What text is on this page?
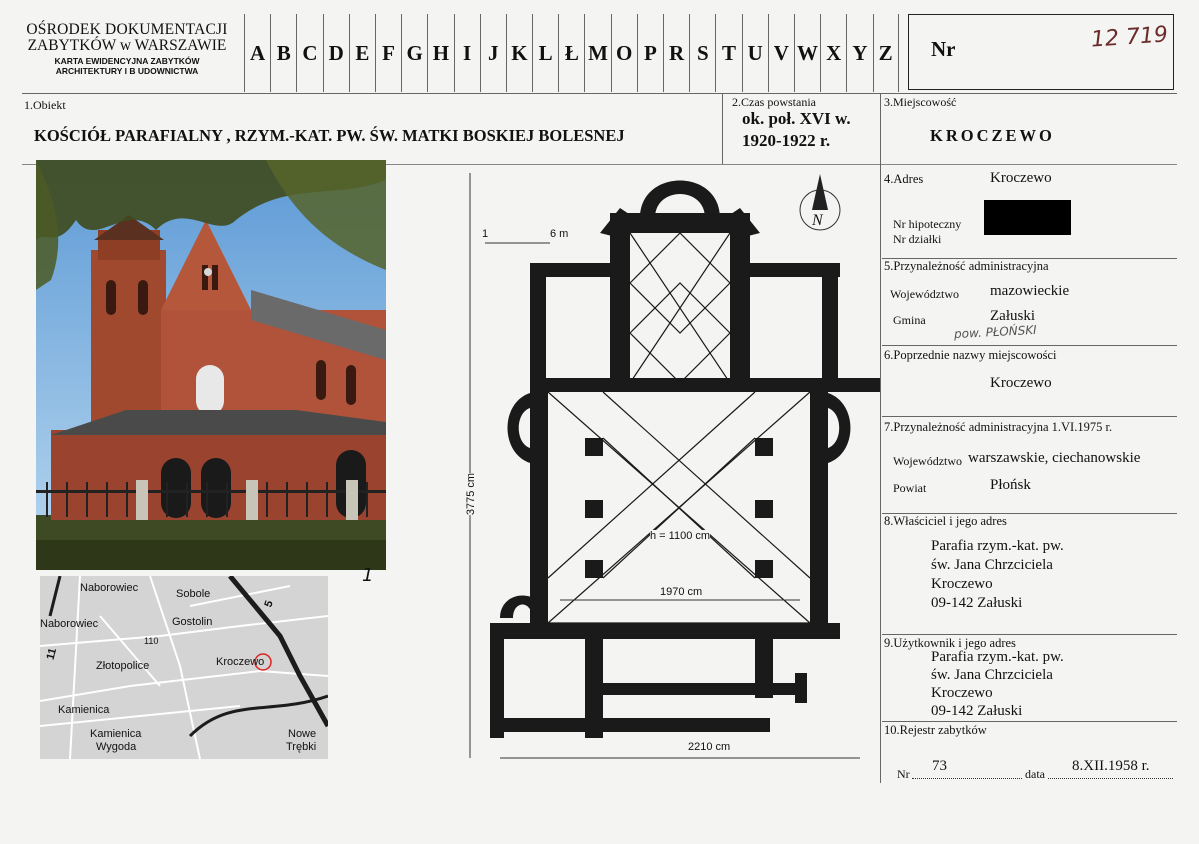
OŚRODEK DOKUMENTACJI
ZABYTKÓW w WARSZAWIE
KARTA EWIDENCYJNA ZABYTKÓW
ARCHITEKTURY I B UDOWNICTWA
A B C D E F G H I J K L Ł M O P R S T U V W X Y Z Nr	12 719
1.Obiekt
KOŚCIÓŁ PARAFIALNY , RZYM.-KAT. PW. ŚW. MATKI BOSKIEJ BOLESNEJ
2.Czas powstania
ok. poł. XVI w.
1920-1922 r.
3.Miejscowość
KROCZEWO
4.Adres	Kroczewo
Nr hipoteczny
Nr działki
5.Przynależność administracyjna
Województwo mazowieckie
Gmina	Załuski
pow. PŁOŃSKI
6.Poprzednie nazwy miejscowości
Kroczewo
7.Przynależność administracyjna 1.VI.1975 r.
Województwo warszawskie, ciechanowskie
Powiat	Płońsk
8.Właściciel i jego adres
Parafia rzym.-kat. pw.
św. Jana Chrzciciela
Kroczewo
09-142 Załuski
9.Użytkownik i jego adres
Parafia rzym.-kat. pw.
św. Jana Chrzciciela
Kroczewo
09-142 Załuski
10.Rejestr zabytków
Nr 73	data 8.XII.1958 r.
1
Naborowiec	Sobole
Naborowiec	Gostolin
Złotopolice	Kroczewo
Kamienica
Kamienica
Wygoda
Nowe
Trębki
5
11
110
1	6 m
h = 1100 cm
1970 cm
2210 cm
3775 cm
N
